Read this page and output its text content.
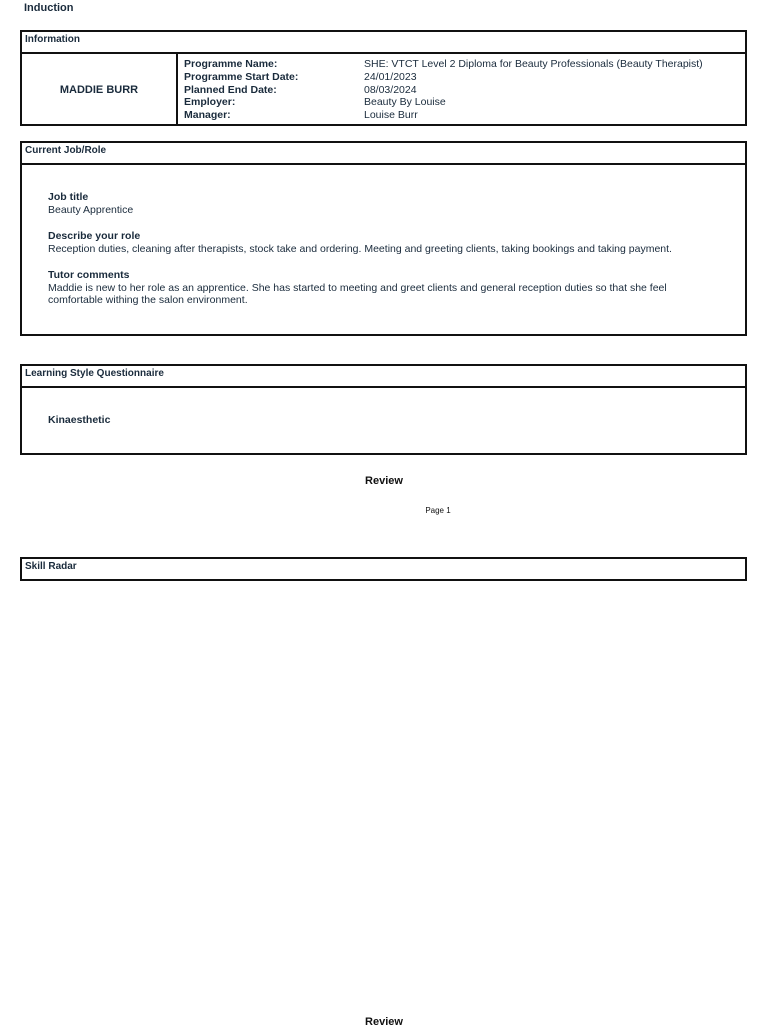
Induction
Information
MADDIE BURR
Programme Name:	SHE: VTCT Level 2 Diploma for Beauty Professionals (Beauty Therapist)
Programme Start Date:	24/01/2023
Planned End Date:	08/03/2024
Employer:	Beauty By Louise
Manager:	Louise Burr
Current Job/Role
Job title
Beauty Apprentice
Describe your role
Reception duties, cleaning after therapists, stock take and ordering. Meeting and greeting clients, taking bookings and taking payment.
Tutor comments
Maddie is new to her role as an apprentice. She has started to meeting and greet clients and general reception duties so that she feel comfortable withing the salon environment.
Learning Style Questionnaire
Kinaesthetic
Review
Page 1
Skill Radar
Review
